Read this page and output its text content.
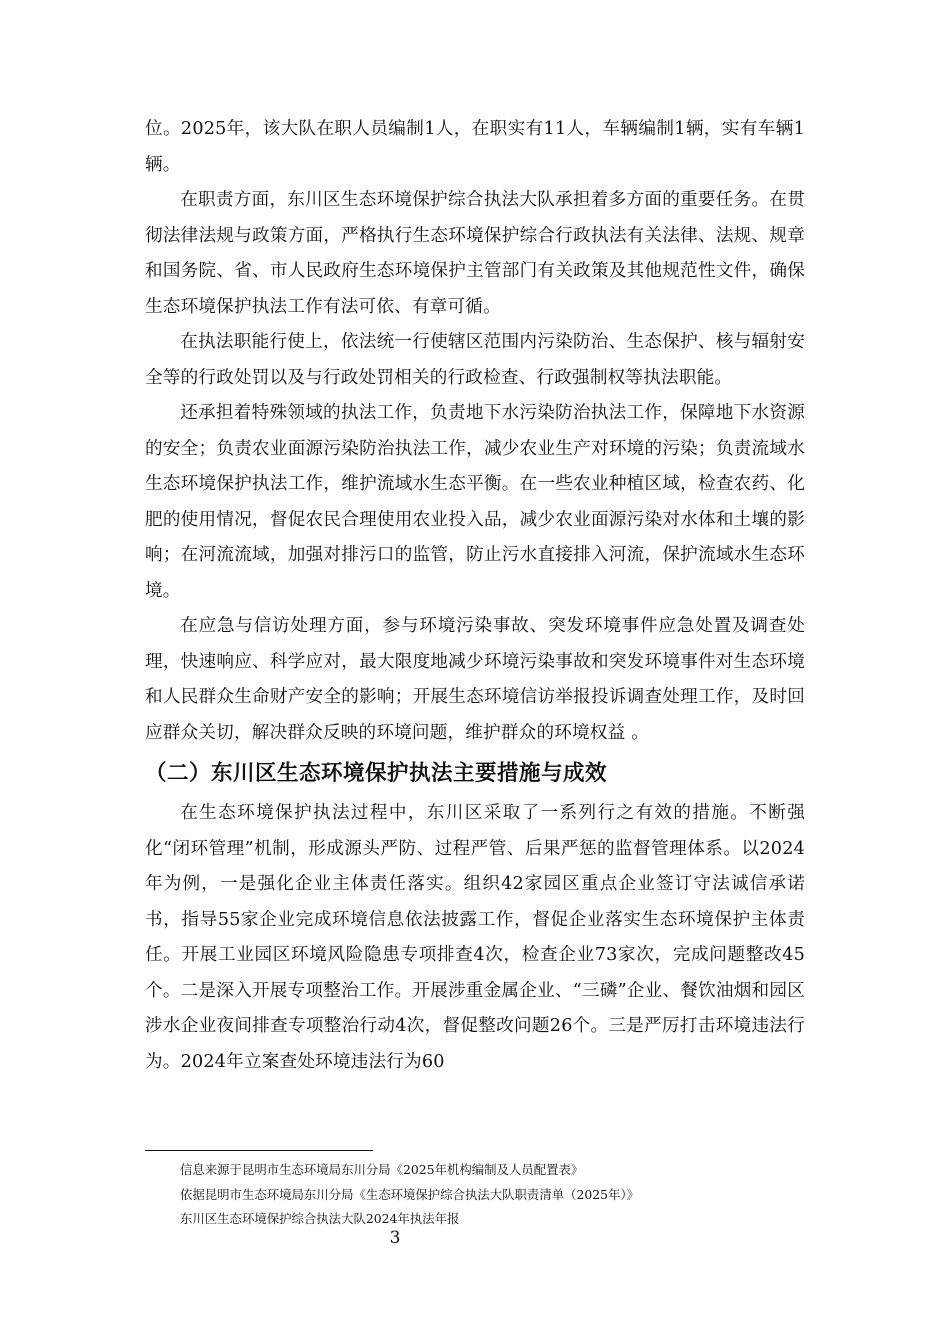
位。2025年，该大队在职人员编制1人，在职实有11人，车辆编制1辆，实有车辆1辆。

在职责方面，东川区生态环境保护综合执法大队承担着多方面的重要任务。在贯彻法律法规与政策方面，严格执行生态环境保护综合行政执法有关法律、法规、规章和国务院、省、市人民政府生态环境保护主管部门有关政策及其他规范性文件，确保生态环境保护执法工作有法可依、有章可循。

在执法职能行使上，依法统一行使辖区范围内污染防治、生态保护、核与辐射安全等的行政处罚以及与行政处罚相关的行政检查、行政强制权等执法职能。

还承担着特殊领域的执法工作，负责地下水污染防治执法工作，保障地下水资源的安全；负责农业面源污染防治执法工作，减少农业生产对环境的污染；负责流域水生态环境保护执法工作，维护流域水生态平衡。在一些农业种植区域，检查农药、化肥的使用情况，督促农民合理使用农业投入品，减少农业面源污染对水体和土壤的影响；在河流流域，加强对排污口的监管，防止污水直接排入河流，保护流域水生态环境。

在应急与信访处理方面，参与环境污染事故、突发环境事件应急处置及调查处理，快速响应、科学应对，最大限度地减少环境污染事故和突发环境事件对生态环境和人民群众生命财产安全的影响；开展生态环境信访举报投诉调查处理工作，及时回应群众关切，解决群众反映的环境问题，维护群众的环境权益 。

（二）东川区生态环境保护执法主要措施与成效

在生态环境保护执法过程中，东川区采取了一系列行之有效的措施。不断强化“闭环管理”机制，形成源头严防、过程严管、后果严惩的监督管理体系。以2024年为例，一是强化企业主体责任落实。组织42家园区重点企业签订守法诚信承诺书，指导55家企业完成环境信息依法披露工作，督促企业落实生态环境保护主体责任。开展工业园区环境风险隐患专项排查4次，检查企业73家次，完成问题整改45个。二是深入开展专项整治工作。开展涉重金属企业、“三磷”企业、餐饮油烟和园区涉水企业夜间排查专项整治行动4次，督促整改问题26个。三是严厉打击环境违法行为。2024年立案查处环境违法行为60

信息来源于昆明市生态环境局东川分局《2025年机构编制及人员配置表》

依据昆明市生态环境局东川分局《生态环境保护综合执法大队职责清单（2025年）》

东川区生态环境保护综合执法大队2024年执法年报

3
